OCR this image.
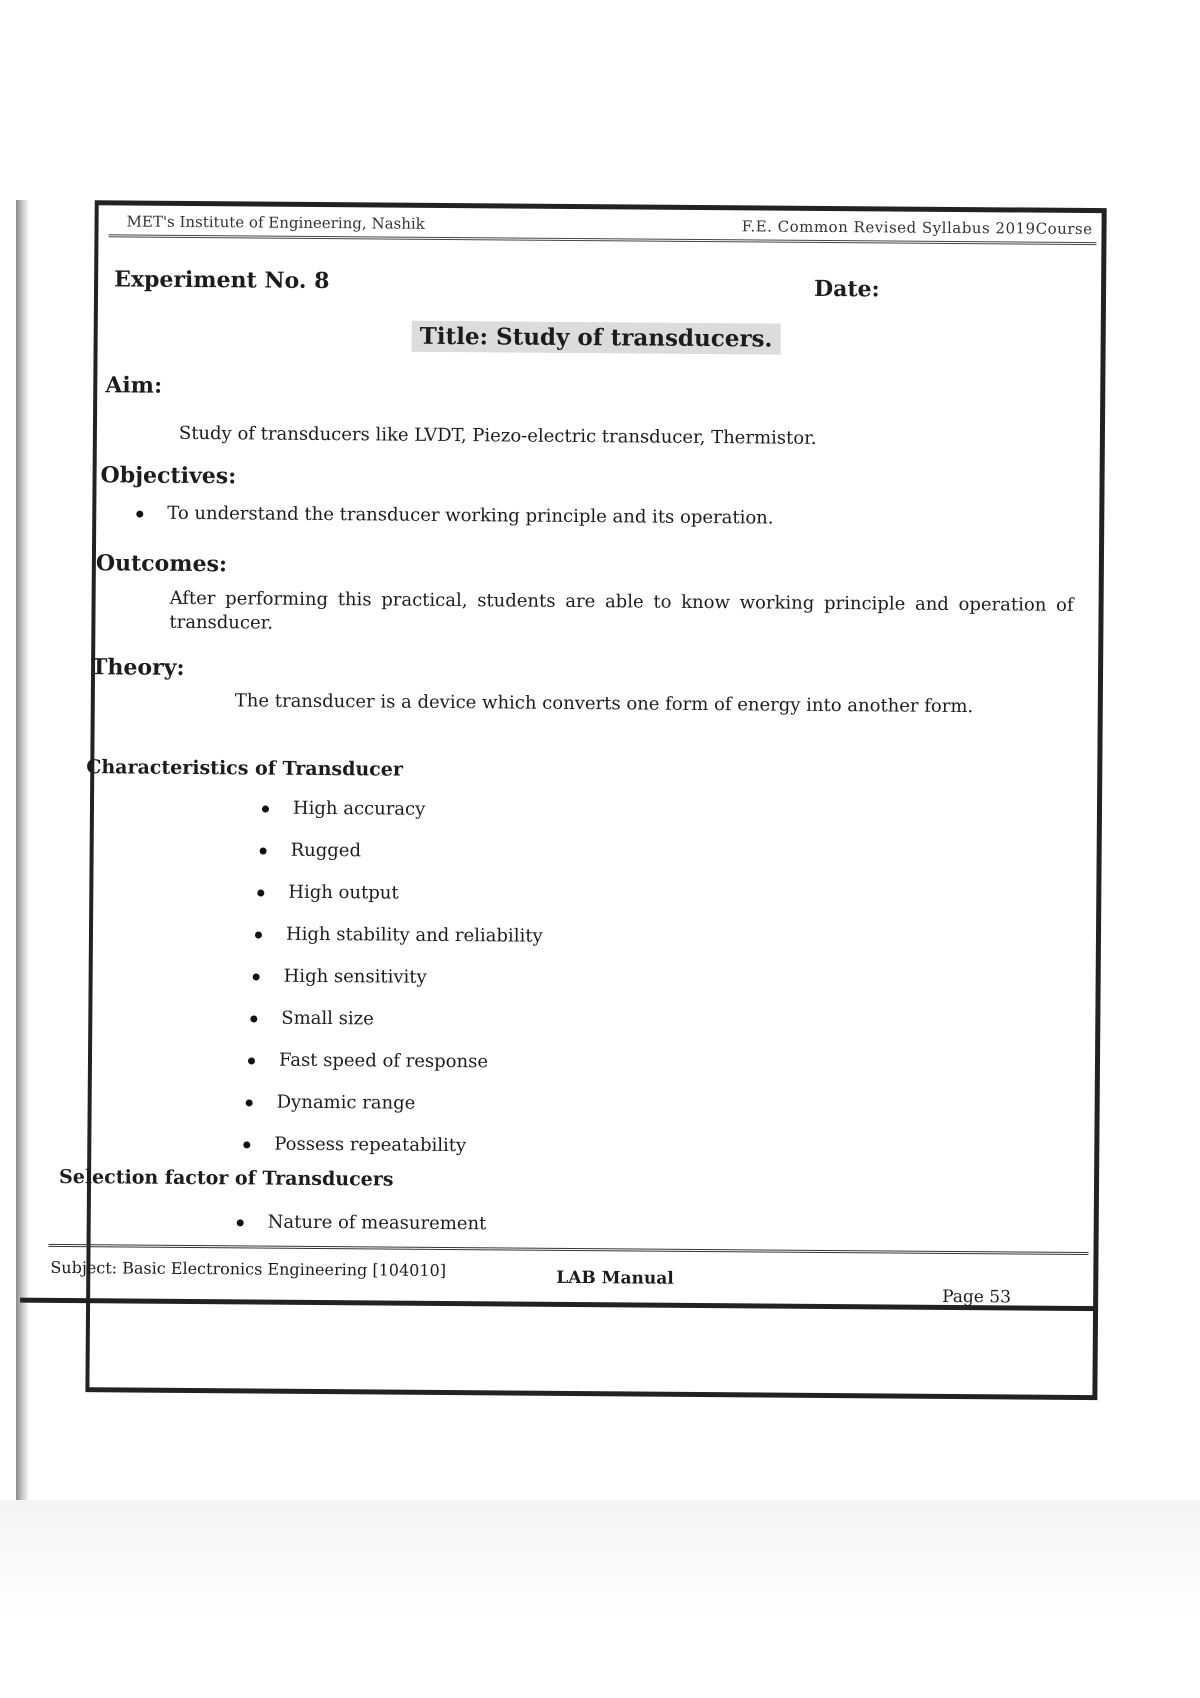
MET's Institute of Engineering, Nashik	F.E. Common Revised Syllabus 2019Course
Experiment No. 8	Date:
Title: Study of transducers.
Aim:
Study of transducers like LVDT, Piezo-electric transducer, Thermistor.
Objectives:
To understand the transducer working principle and its operation.
Outcomes:
After performing this practical, students are able to know working principle and operation of transducer.
Theory:
The transducer is a device which converts one form of energy into another form.
Characteristics of Transducer
High accuracy
Rugged
High output
High stability and reliability
High sensitivity
Small size
Fast speed of response
Dynamic range
Possess repeatability
Selection factor of Transducers
Nature of measurement
Subject: Basic Electronics Engineering [104010]	LAB Manual
Page 53
